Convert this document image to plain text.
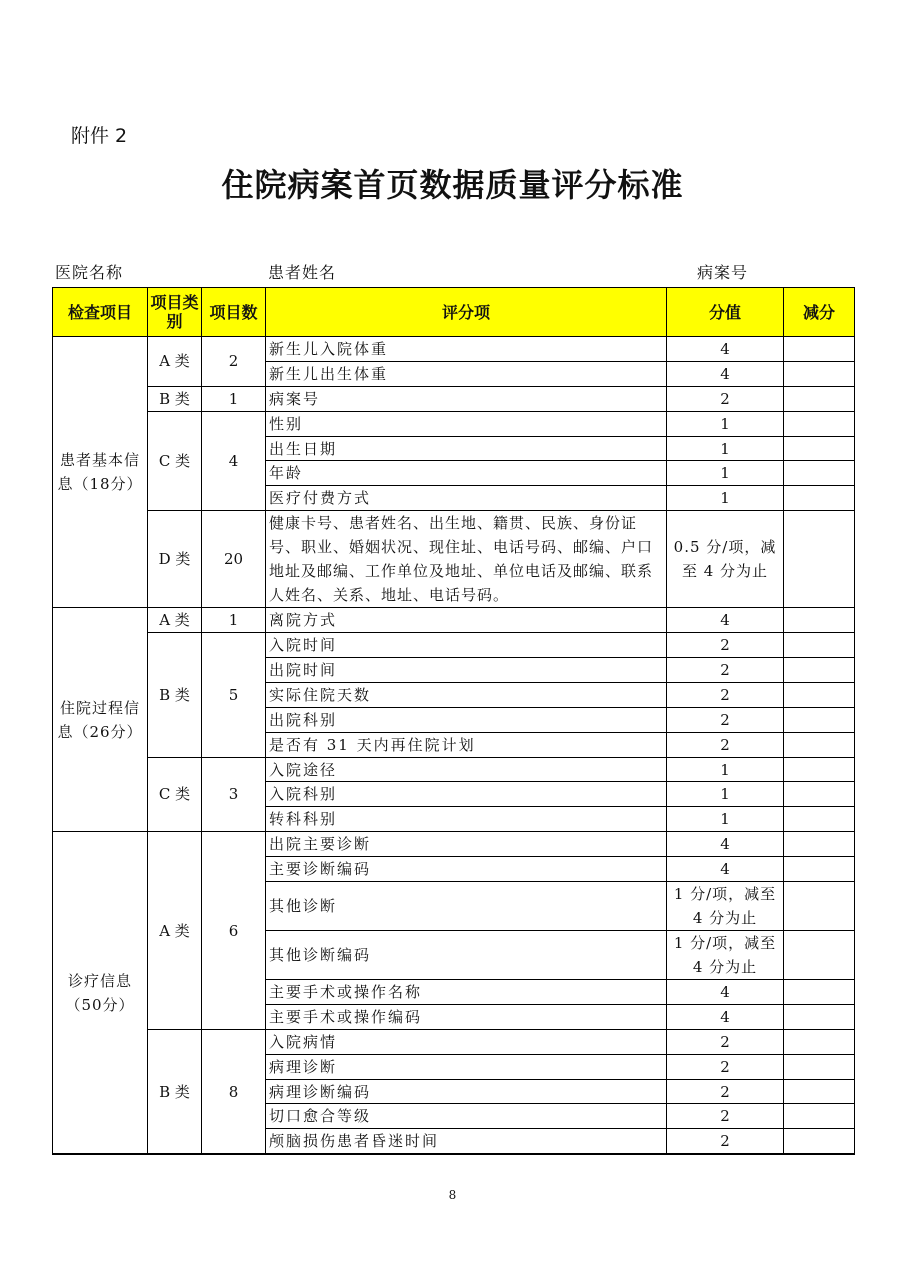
附件 2
住院病案首页数据质量评分标准
医院名称	患者姓名	病案号
检查项目	项目类别	项目数	评分项	分值	减分
患者基本信息（18分）	A 类	2	新生儿入院体重	4	
			新生儿出生体重	4	
	B 类	1	病案号	2	
	C 类	4	性别	1	
			出生日期	1	
			年龄	1	
			医疗付费方式	1	
	D 类	20	健康卡号、患者姓名、出生地、籍贯、民族、身份证号、职业、婚姻状况、现住址、电话号码、邮编、户口地址及邮编、工作单位及地址、单位电话及邮编、联系人姓名、关系、地址、电话号码。	0.5 分/项，减至 4 分为止	
住院过程信息（26分）	A 类	1	离院方式	4	
	B 类	5	入院时间	2	
			出院时间	2	
			实际住院天数	2	
			出院科别	2	
			是否有 31 天内再住院计划	2	
	C 类	3	入院途径	1	
			入院科别	1	
			转科科别	1	
诊疗信息（50分）	A 类	6	出院主要诊断	4	
			主要诊断编码	4	
			其他诊断	1 分/项，减至 4 分为止	
			其他诊断编码	1 分/项，减至 4 分为止	
			主要手术或操作名称	4	
			主要手术或操作编码	4	
	B 类	8	入院病情	2	
			病理诊断	2	
			病理诊断编码	2	
			切口愈合等级	2	
			颅脑损伤患者昏迷时间	2	
8
